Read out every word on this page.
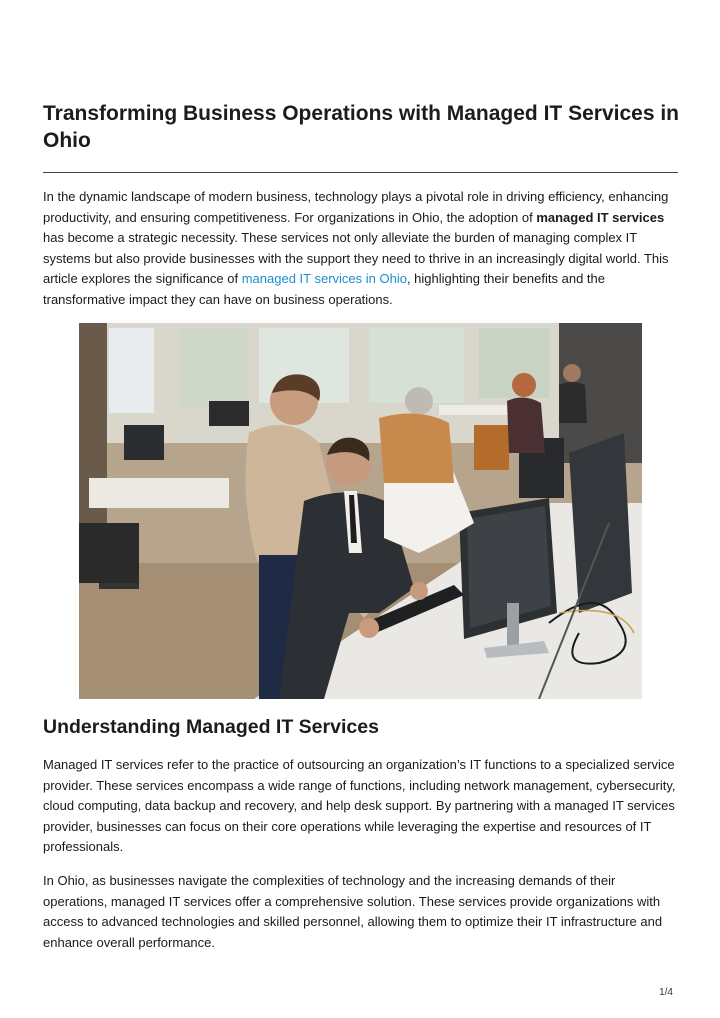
Transforming Business Operations with Managed IT Services in Ohio

In the dynamic landscape of modern business, technology plays a pivotal role in driving efficiency, enhancing productivity, and ensuring competitiveness. For organizations in Ohio, the adoption of managed IT services has become a strategic necessity. These services not only alleviate the burden of managing complex IT systems but also provide businesses with the support they need to thrive in an increasingly digital world. This article explores the significance of managed IT services in Ohio, highlighting their benefits and the transformative impact they can have on business operations.

Understanding Managed IT Services

Managed IT services refer to the practice of outsourcing an organization’s IT functions to a specialized service provider. These services encompass a wide range of functions, including network management, cybersecurity, cloud computing, data backup and recovery, and help desk support. By partnering with a managed IT services provider, businesses can focus on their core operations while leveraging the expertise and resources of IT professionals.

In Ohio, as businesses navigate the complexities of technology and the increasing demands of their operations, managed IT services offer a comprehensive solution. These services provide organizations with access to advanced technologies and skilled personnel, allowing them to optimize their IT infrastructure and enhance overall performance.

1/4
